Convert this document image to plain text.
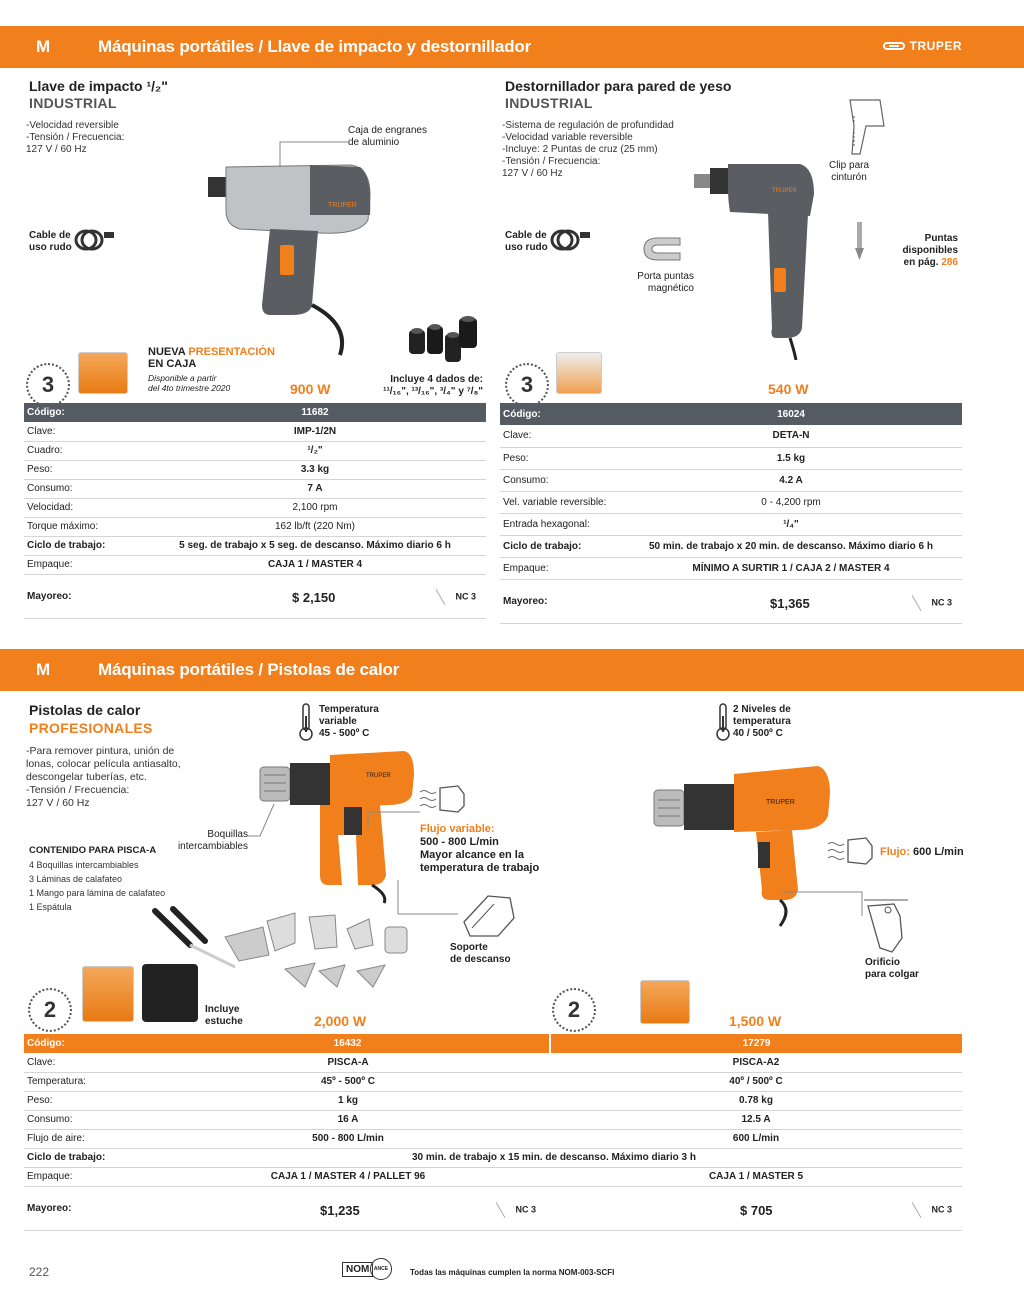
M	Máquinas portátiles / Llave de impacto y destornillador	TRUPER
Llave de impacto ¹/₂"
INDUSTRIAL
-Velocidad reversible
-Tensión / Frecuencia:
127 V / 60 Hz
Caja de engranes
de aluminio
Cable de
uso rudo
TRUPER
Incluye 4 dados de:
¹¹/₁₆", ¹³/₁₆", ³/₄" y ⁷/₈"
3
NUEVA PRESENTACIÓN
EN CAJA
Disponible a partir
del 4to trimestre 2020	900 W
Código:	11682
Clave:	IMP-1/2N
Cuadro:	¹/₂"
Peso:	3.3 kg
Consumo:	7 A
Velocidad:	2,100 rpm
Torque máximo:	162 lb/ft (220 Nm)
Ciclo de trabajo:	5 seg. de trabajo x 5 seg. de descanso. Máximo diario 6 h
Empaque:	CAJA 1 / MASTER 4
Mayoreo:	$ 2,150 NC 3
Destornillador para pared de yeso
INDUSTRIAL
-Sistema de regulación de profundidad
-Velocidad variable reversible
-Incluye: 2 Puntas de cruz (25 mm)
-Tensión / Frecuencia:
127 V / 60 Hz
Clip para
cinturón
Cable de
uso rudo
Porta puntas
magnético
Puntas disponibles
en pág. 286
TRUPER
3	540 W
Código:	16024
Clave:	DETA-N
Peso:	1.5 kg
Consumo:	4.2 A
Vel. variable reversible:	0 - 4,200 rpm
Entrada hexagonal:	¹/₄"
Ciclo de trabajo:	50 min. de trabajo x 20 min. de descanso. Máximo diario 6 h
Empaque:	MÍNIMO A SURTIR 1 / CAJA 2 / MASTER 4
Mayoreo:	$1,365 NC 3
M	Máquinas portátiles / Pistolas de calor
Pistolas de calor
PROFESIONALES
-Para remover pintura, unión de
lonas, colocar película antiasalto,
descongelar tuberías, etc.
-Tensión / Frecuencia:
127 V / 60 Hz
CONTENIDO PARA PISCA-A
4 Boquillas intercambiables
3 Láminas de calafateo
1 Mango para lámina de calafateo
1 Espátula
Temperatura
variable
45 - 500º C
TRUPER
Boquillas
intercambiables
Flujo variable:
500 - 800 L/min
Mayor alcance en la
temperatura de trabajo
Soporte
de descanso
Incluye
estuche
2	2,000 W
2 Niveles de
temperatura
40 / 500º C
TRUPER
Flujo: 600 L/min
Orificio
para colgar
2	1,500 W
Código:	16432	17279
Clave:	PISCA-A	PISCA-A2
Temperatura:	45º - 500º C	40º / 500º C
Peso:	1 kg	0.78 kg
Consumo:	16 A	12.5 A
Flujo de aire:	500 - 800 L/min	600 L/min
Ciclo de trabajo:	30 min. de trabajo x 15 min. de descanso. Máximo diario 3 h	
Empaque:	CAJA 1 / MASTER 4 / PALLET 96	CAJA 1 / MASTER 5
Mayoreo:	$1,235 NC 3	$ 705 NC 3
222	NOM ANCE	Todas las máquinas cumplen la norma NOM-003-SCFI
